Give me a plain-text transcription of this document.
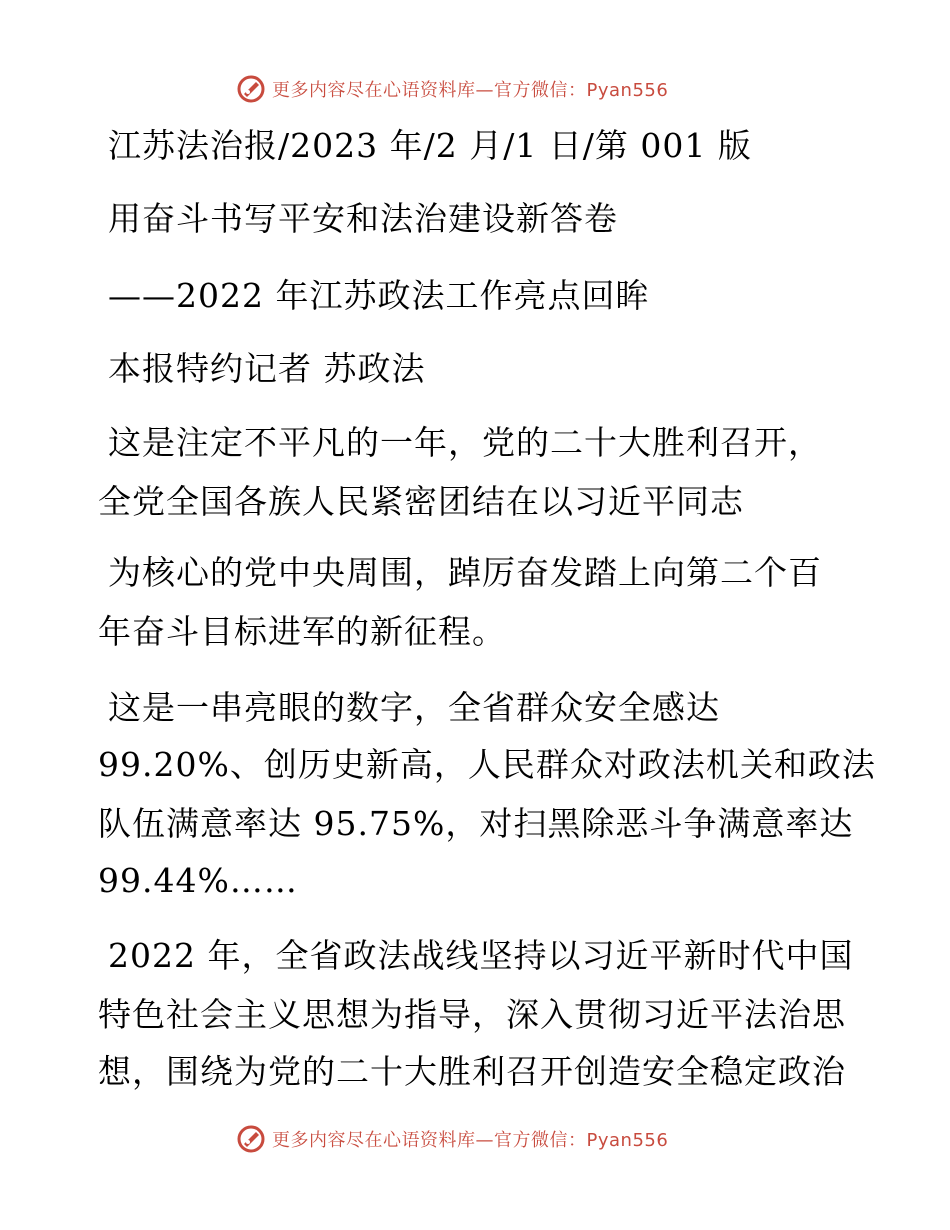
更多内容尽在心语资料库—官方微信：Pyan556
江苏法治报/2023 年/2 月/1 日/第 001 版
用奋斗书写平安和法治建设新答卷
——2022 年江苏政法工作亮点回眸
本报特约记者 苏政法
这是注定不平凡的一年，党的二十大胜利召开，
全党全国各族人民紧密团结在以习近平同志
为核心的党中央周围，踔厉奋发踏上向第二个百
年奋斗目标进军的新征程。
这是一串亮眼的数字，全省群众安全感达
99.20%、创历史新高，人民群众对政法机关和政法
队伍满意率达 95.75%，对扫黑除恶斗争满意率达
99.44%……
2022 年，全省政法战线坚持以习近平新时代中国
特色社会主义思想为指导，深入贯彻习近平法治思
想，围绕为党的二十大胜利召开创造安全稳定政治
更多内容尽在心语资料库—官方微信：Pyan556
